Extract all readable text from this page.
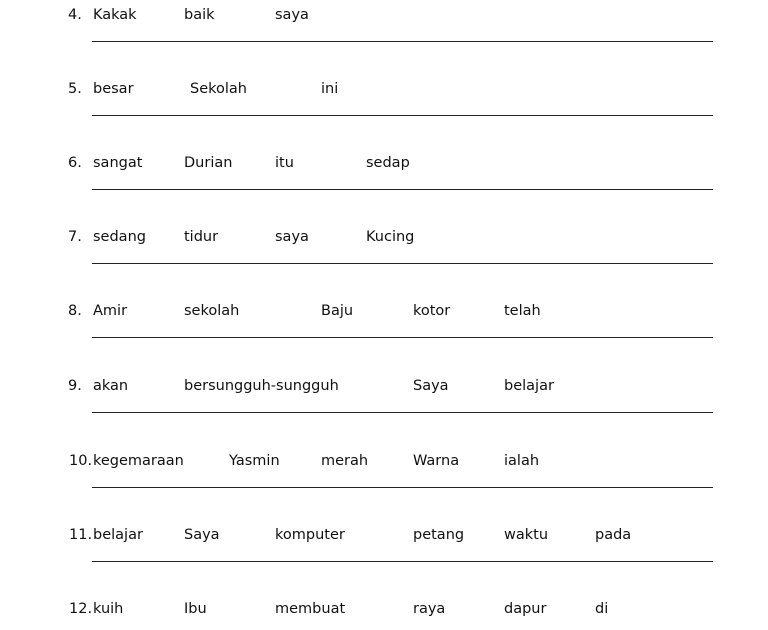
4. Kakak	baik	saya
5. besar	Sekolah	ini
6. sangat	Durian	itu	sedap
7. sedang	tidur	saya	Kucing
8. Amir	sekolah	Baju	kotor	telah
9. akan	bersungguh-sungguh	Saya	belajar
10. kegemaraan	Yasmin	merah	Warna	ialah
11. belajar	Saya	komputer	petang	waktu	pada
12. kuih	Ibu	membuat	raya	dapur	di
